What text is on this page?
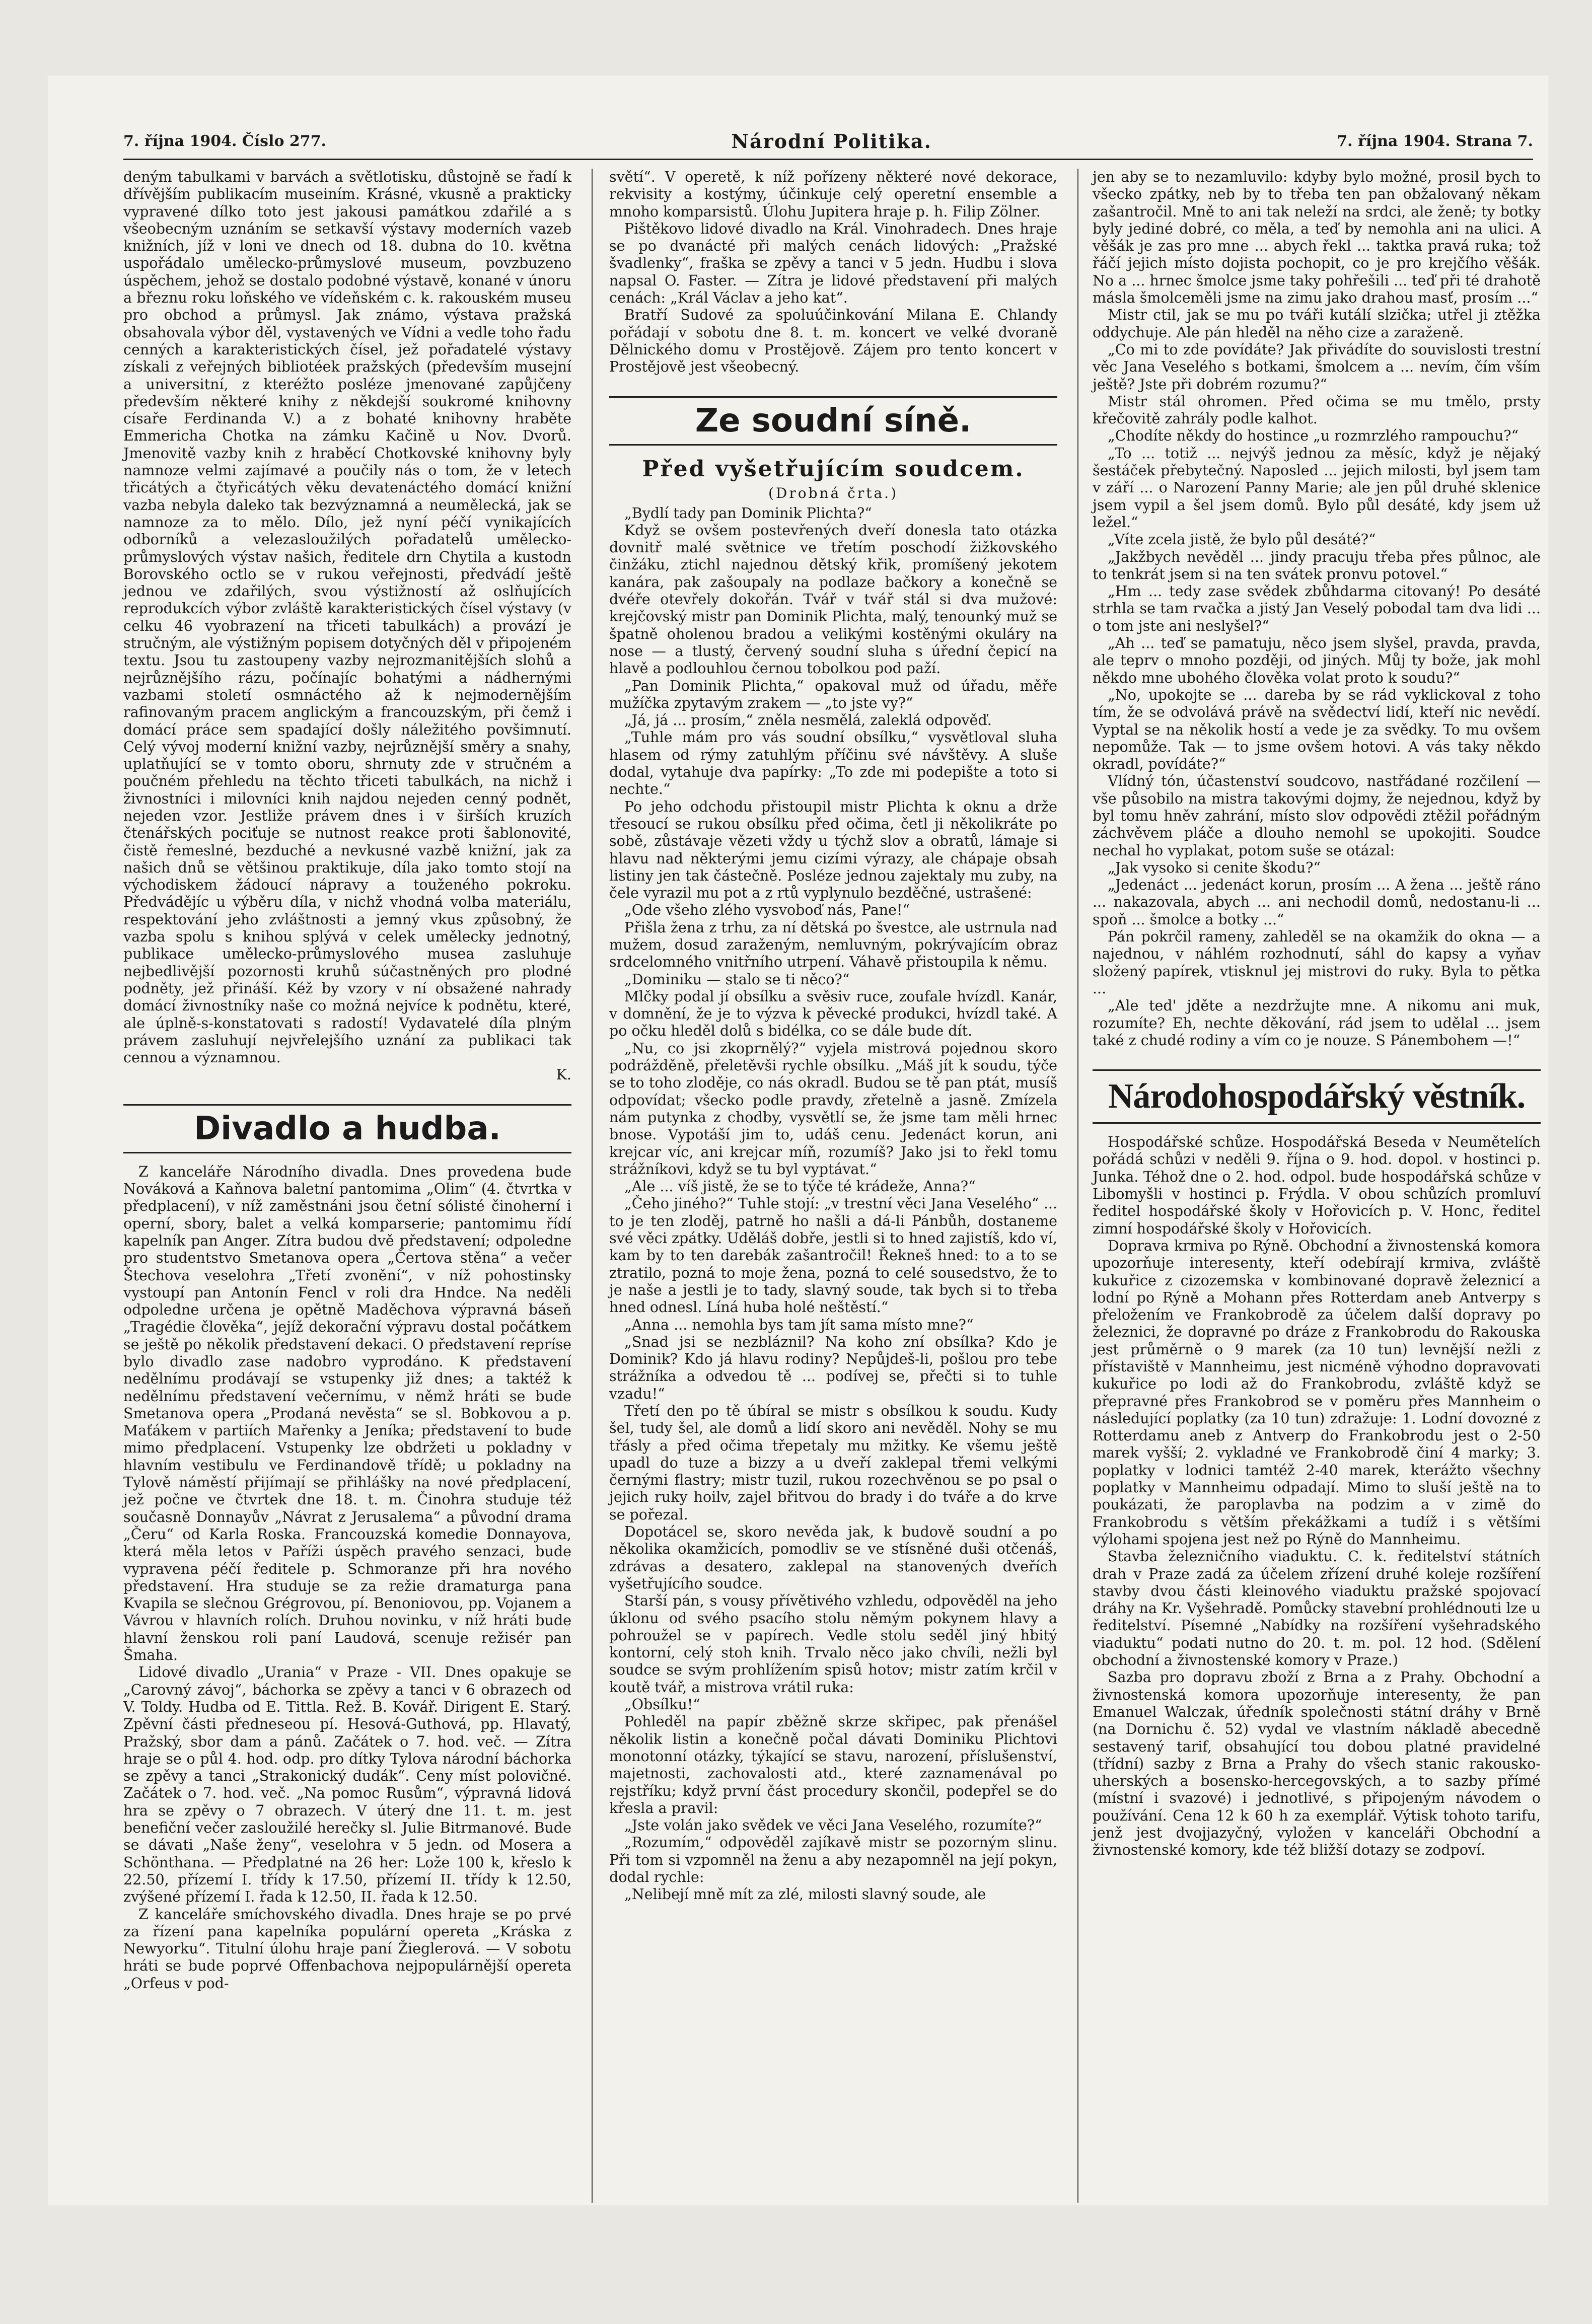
7. října 1904. Číslo 277.	Národní Politika.	7. října 1904. Strana 7.

deným tabulkami v barvách a světlotisku, důstojně se řadí k dřívějším publikacím museiním. Krásné, vkusně a prakticky vypravené dílko toto jest jakousi památkou zdařilé a s všeobecným uznáním se setkavší výstavy moderních vazeb knižních, jíž v loni ve dnech od 18. dubna do 10. května uspořádalo umělecko-průmyslové museum, povzbuzeno úspěchem, jehož se dostalo podobné výstavě, konané v únoru a březnu roku loňského ve vídeňském c. k. rakouském museu pro obchod a průmysl. Jak známo, výstava pražská obsahovala výbor děl, vystavených ve Vídni a vedle toho řadu cenných a karakteristických čísel, jež pořadatelé výstavy získali z veřejných bibliotéek pražských (především musejní a universitní, z kteréžto posléze jmenované zapůjčeny především některé knihy z někdejší soukromé knihovny císaře Ferdinanda V.) a z bohaté knihovny hraběte Emmericha Chotka na zámku Kačině u Nov. Dvorů. Jmenovitě vazby knih z hraběcí Chotkovské knihovny byly namnoze velmi zajímavé a poučily nás o tom, že v letech třicátých a čtyřicátých věku devatenáctého domácí knižní vazba nebyla daleko tak bezvýznamná a neumělecká, jak se namnoze za to mělo. Dílo, jež nyní péčí vynikajících odborníků a velezasloužilých pořadatelů umělecko-průmyslových výstav našich, ředitele drn Chytila a kustodn Borovského octlo se v rukou veřejnosti, předvádí ještě jednou ve zdařilých, svou výstižností až oslňujících reprodukcích výbor zvláště karakteristických čísel výstavy (v celku 46 vyobrazení na třiceti tabulkách) a provází je stručným, ale výstižným popisem dotyčných děl v připojeném textu. Jsou tu zastoupeny vazby nejrozmanitějších slohů a nejrůznějšího rázu, počínajíc bohatými a nádhernými vazbami století osmnáctého až k nejmodernějším rafinovaným pracem anglickým a francouzským, při čemž i domácí práce sem spadající došly náležitého povšimnutí. Celý vývoj moderní knižní vazby, nejrůznější směry a snahy, uplatňující se v tomto oboru, shrnuty zde v stručném a poučném přehledu na těchto třiceti tabulkách, na nichž i živnostníci i milovníci knih najdou nejeden cenný podnět, nejeden vzor. Jestliže právem dnes i v širších kruzích čtenářských pociťuje se nutnost reakce proti šablonovité, čistě řemeslné, bezduché a nevkusné vazbě knižní, jak za našich dnů se většinou praktikuje, díla jako tomto stojí na východiskem žádoucí nápravy a touženého pokroku. Předvádějíc u výběru díla, v nichž vhodná volba materiálu, respektování jeho zvláštnosti a jemný vkus způsobný, že vazba spolu s knihou splývá v celek umělecky jednotný, publikace umělecko-průmyslového musea zasluhuje nejbedlivější pozornosti kruhů súčastněných pro plodné podněty, jež přináší. Kéž by vzory v ní obsažené nahrady domácí živnostníky naše co možná nejvíce k podnětu, které, ale úplně-s-konstatovati s radostí! Vydavatelé díla plným právem zasluhují nejvřelejšího uznání za publikaci tak cennou a významnou.

K.

Divadlo a hudba.

Z kanceláře Národního divadla. Dnes provedena bude Nováková a Kaňnova baletní pantomima „Olim“ (4. čtvrtka v předplacení), v níž zaměstnáni jsou četní sólisté činoherní i operní, sbory, balet a velká komparserie; pantomimu řídí kapelník pan Anger. Zítra budou dvě představení; odpoledne pro studentstvo Smetanova opera „Čertova stěna“ a večer Štechova veselohra „Třetí zvonění“, v níž pohostinsky vystoupí pan Antonín Fencl v roli dra Hndce. Na neděli odpoledne určena je opětně Maděchova výpravná báseň „Tragédie člověka“, jejíž dekorační výpravu dostal počátkem se ještě po několik představení dekaci. O představení repríse bylo divadlo zase nadobro vyprodáno. K představení nedělnímu prodávají se vstupenky již dnes; a taktéž k nedělnímu představení večernímu, v němž hráti se bude Smetanova opera „Prodaná nevěsta“ se sl. Bobkovou a p. Maťákem v partiích Mařenky a Jeníka; představení to bude mimo předplacení. Vstupenky lze obdržeti u pokladny v hlavním vestibulu ve Ferdinandově třídě; u pokladny na Tylově náměstí přijímají se přihlášky na nové předplacení, jež počne ve čtvrtek dne 18. t. m. Činohra studuje též současně Donnayův „Návrat z Jerusalema“ a původní drama „Čeru“ od Karla Roska. Francouzská komedie Donnayova, která měla letos v Paříži úspěch pravého senzaci, bude vypravena péčí ředitele p. Schmoranze při hra nového představení. Hra studuje se za režie dramaturga pana Kvapila se slečnou Grégrovou, pí. Benoniovou, pp. Vojanem a Vávrou v hlavních rolích. Druhou novinku, v níž hráti bude hlavní ženskou roli paní Laudová, scenuje režisér pan Šmaha.

Lidové divadlo „Urania“ v Praze - VII. Dnes opakuje se „Carovný závoj“, báchorka se zpěvy a tanci v 6 obrazech od V. Toldy. Hudba od E. Tittla. Rež. B. Kovář. Dirigent E. Starý. Zpěvní části předneseou pí. Hesová-Guthová, pp. Hlavatý, Pražský, sbor dam a pánů. Začátek o 7. hod. več. — Zítra hraje se o půl 4. hod. odp. pro dítky Tylova národní báchorka se zpěvy a tanci „Strakonický dudák“. Ceny míst polovičné. Začátek o 7. hod. več. „Na pomoc Rusům“, výpravná lidová hra se zpěvy o 7 obrazech. V úterý dne 11. t. m. jest benefiční večer zasloužilé herečky sl. Julie Bitrmanové. Bude se dávati „Naše ženy“, veselohra v 5 jedn. od Mosera a Schönthana. — Předplatné na 26 her: Lože 100 k, křeslo k 22.50, přízemí I. třídy k 17.50, přízemí II. třídy k 12.50, zvýšené přízemí I. řada k 12.50, II. řada k 12.50.

Z kanceláře smíchovského divadla. Dnes hraje se po prvé za řízení pana kapelníka populární opereta „Kráska z Newyorku“. Titulní úlohu hraje paní Žieglerová. — V sobotu hráti se bude poprvé Offenbachova nejpopulárnější opereta „Orfeus v pod-

světí“. V operetě, k níž pořízeny některé nové dekorace, rekvisity a kostýmy, účinkuje celý operetní ensemble a mnoho komparsistů. Úlohu Jupitera hraje p. h. Filip Zölner.

Pištěkovo lidové divadlo na Král. Vinohradech. Dnes hraje se po dvanácté při malých cenách lidových: „Pražské švadlenky“, fraška se zpěvy a tanci v 5 jedn. Hudbu i slova napsal O. Faster. — Zítra je lidové představení při malých cenách: „Král Václav a jeho kat“.

Bratří Sudové za spoluúčinkování Milana E. Chlandy pořádají v sobotu dne 8. t. m. koncert ve velké dvoraně Dělnického domu v Prostějově. Zájem pro tento koncert v Prostějově jest všeobecný.

Ze soudní síně.
Před vyšetřujícím soudcem.
(Drobná črta.)

„Bydlí tady pan Dominik Plichta?“

Když se ovšem postevřených dveří donesla tato otázka dovnitř malé světnice ve třetím poschodí žižkovského činžáku, ztichl najednou dětský křik, promíšený jekotem kanára, pak zašoupaly na podlaze bačkory a konečně se dvéře otevřely dokořán. Tvář v tvář stál si dva mužové: krejčovský mistr pan Dominik Plichta, malý, tenounký muž se špatně oholenou bradou a velikými kostěnými okuláry na nose — a tlustý, červený soudní sluha s úřední čepicí na hlavě a podlouhlou černou tobolkou pod paží.

„Pan Dominik Plichta,“ opakoval muž od úřadu, měře mužíčka zpytavým zrakem — „to jste vy?“

„Já, já ... prosím,“ zněla nesmělá, zaleklá odpověď.

„Tuhle mám pro vás soudní obsílku,“ vysvětloval sluha hlasem od rýmy zatuhlým příčinu své návštěvy. A sluše dodal, vytahuje dva papírky: „To zde mi podepište a toto si nechte.“

Po jeho odchodu přistoupil mistr Plichta k oknu a drže třesoucí se rukou obsílku před očima, četl ji několikráte po sobě, zůstávaje vězeti vždy u týchž slov a obratů, lámaje si hlavu nad některými jemu cizími výrazy, ale chápaje obsah listiny jen tak částečně. Posléze jednou zajektaly mu zuby, na čele vyrazil mu pot a z rtů vyplynulo bezděčné, ustrašené:

„Ode všeho zlého vysvoboď nás, Pane!“

Přišla žena z trhu, za ní dětská po švestce, ale ustrnula nad mužem, dosud zaraženým, nemluvným, pokrývajícím obraz srdcelomného vnitřního utrpení. Váhavě přistoupila k němu.

„Dominiku — stalo se ti něco?“

Mlčky podal jí obsílku a svěsiv ruce, zoufale hvízdl. Kanár, v domnění, že je to výzva k pěvecké produkci, hvízdl také. A po očku hleděl dolů s bidélka, co se dále bude dít.

„Nu, co jsi zkoprnělý?“ vyjela mistrová pojednou skoro podrážděně, přeletěvši rychle obsílku. „Máš jít k soudu, týče se to toho zloděje, co nás okradl. Budou se tě pan ptát, musíš odpovídat; všecko podle pravdy, zřetelně a jasně. Zmízela nám putynka z chodby, vysvětlí se, že jsme tam měli hrnec bnose. Vypotáší jim to, udáš cenu. Jedenáct korun, ani krejcar víc, ani krejcar míň, rozumíš? Jako jsi to řekl tomu strážníkovi, když se tu byl vyptávat.“

„Ale ... víš jistě, že se to týče té krádeže, Anna?“

„Čeho jiného?“ Tuhle stojí: „v trestní věci Jana Veselého“ ... to je ten zloděj, patrně ho našli a dá-li Pánbůh, dostaneme své věci zpátky. Uděláš dobře, jestli si to hned zajistíš, kdo ví, kam by to ten darebák zašantročil! Řekneš hned: to a to se ztratilo, pozná to moje žena, pozná to celé sousedstvo, že to je naše a jestli je to tady, slavný soude, tak bych si to třeba hned odnesl. Líná huba holé neštěstí.“

„Anna ... nemohla bys tam jít sama místo mne?“

„Snad jsi se nezbláznil? Na koho zní obsílka? Kdo je Dominik? Kdo já hlavu rodiny? Nepůjdeš-li, pošlou pro tebe strážníka a odvedou tě ... podívej se, přečti si to tuhle vzadu!“

Třetí den po tě úbíral se mistr s obsílkou k soudu. Kudy šel, tudy šel, ale domů a lidí skoro ani nevěděl. Nohy se mu třásly a před očima třepetaly mu mžitky. Ke všemu ještě upadl do tuze a bizzy a u dveří zaklepal třemi velkými černými flastry; mistr tuzil, rukou rozechvěnou se po psal o jejich ruky hoilv, zajel břitvou do brady i do tváře a do krve se pořezal.

Dopotácel se, skoro nevěda jak, k budově soudní a po několika okamžicích, pomodliv se ve stísněné duši otčenáš, zdrávas a desatero, zaklepal na stanovených dveřích vyšetřujícího soudce.

Starší pán, s vousy přívětivého vzhledu, odpověděl na jeho úklonu od svého psacího stolu němým pokynem hlavy a pohroužel se v papírech. Vedle stolu seděl jiný hbitý kontorní, celý stoh knih. Trvalo něco jako chvíli, nežli byl soudce se svým prohlížením spisů hotov; mistr zatím krčil v koutě tvář, a mistrova vrátil ruka:

„Obsílku!“

Pohleděl na papír zběžně skrze skřipec, pak přenášel několik listin a konečně počal dávati Dominiku Plichtovi monotonní otázky, týkající se stavu, narození, příslušenství, majetnosti, zachovalosti atd., které zaznamenával po rejstříku; když první část procedury skončil, podepřel se do křesla a pravil:

„Jste volán jako svědek ve věci Jana Veselého, rozumíte?“

„Rozumím,“ odpověděl zajíkavě mistr se pozorným slinu. Při tom si vzpomněl na ženu a aby nezapomněl na její pokyn, dodal rychle:

„Nelibejí mně mít za zlé, milosti slavný soude, ale

jen aby se to nezamluvilo: kdyby bylo možné, prosil bych to všecko zpátky, neb by to třeba ten pan obžalovaný někam zašantročil. Mně to ani tak neleží na srdci, ale ženě; ty botky byly jediné dobré, co měla, a teď by nemohla ani na ulici. A věšák je zas pro mne ... abych řekl ... taktka pravá ruka; tož řáčí jejich místo dojista pochopit, co je pro krejčího věšák. No a ... hrnec šmolce jsme taky pohřešili ... teď při té drahotě másla šmolceměli jsme na zimu jako drahou masť, prosím ...“

Mistr ctil, jak se mu po tváři kutálí slzička; utřel ji ztěžka oddychuje. Ale pán hleděl na něho cize a zaraženě.

„Co mi to zde povídáte? Jak přivádíte do souvislosti trestní věc Jana Veselého s botkami, šmolcem a ... nevím, čím vším ještě? Jste při dobrém rozumu?“

Mistr stál ohromen. Před očima se mu tmělo, prsty křečovitě zahrály podle kalhot.

„Chodíte někdy do hostince „u rozmrzlého rampouchu?“

„To ... totiž ... nejvýš jednou za měsíc, když je nějaký šestáček přebytečný. Naposled ... jejich milosti, byl jsem tam v září ... o Narození Panny Marie; ale jen půl druhé sklenice jsem vypil a šel jsem domů. Bylo půl desáté, kdy jsem už ležel.“

„Víte zcela jistě, že bylo půl desáté?“

„Jakžbych nevěděl ... jindy pracuju třeba přes půlnoc, ale to tenkrát jsem si na ten svátek pronvu potovel.“

„Hm ... tedy zase svědek zbůhdarma citovaný! Po desáté strhla se tam rvačka a jistý Jan Veselý pobodal tam dva lidi ... o tom jste ani neslyšel?“

„Ah ... teď se pamatuju, něco jsem slyšel, pravda, pravda, ale teprv o mnoho později, od jiných. Můj ty bože, jak mohl někdo mne ubohého člověka volat proto k soudu?“

„No, upokojte se ... dareba by se rád vyklickoval z toho tím, že se odvolává právě na svědectví lidí, kteří nic nevědí. Vyptal se na několik hostí a vede je za svědky. To mu ovšem nepomůže. Tak — to jsme ovšem hotovi. A vás taky někdo okradl, povídáte?“

Vlídný tón, účastenství soudcovo, nastřádané rozčilení — vše působilo na mistra takovými dojmy, že nejednou, když by byl tomu hněv zahrání, místo slov odpovědi ztěžil pořádným záchvěvem pláče a dlouho nemohl se upokojiti. Soudce nechal ho vyplakat, potom suše se otázal:

„Jak vysoko si cenite škodu?“

„Jedenáct ... jedenáct korun, prosím ... A žena ... ještě ráno ... nakazovala, abych ... ani nechodil domů, nedostanu-li ... spoň ... šmolce a botky ...“

Pán pokrčil rameny, zahleděl se na okamžik do okna — a najednou, v náhlém rozhodnutí, sáhl do kapsy a vyňav složený papírek, vtisknul jej mistrovi do ruky. Byla to pětka ...

„Ale ted' jděte a nezdržujte mne. A nikomu ani muk, rozumíte? Eh, nechte děkování, rád jsem to udělal ... jsem také z chudé rodiny a vím co je nouze. S Pánembohem —!“

Národohospodářský věstník.

Hospodářské schůze. Hospodářská Beseda v Neumětelích pořádá schůzi v neděli 9. října o 9. hod. dopol. v hostinci p. Junka. Téhož dne o 2. hod. odpol. bude hospodářská schůze v Libomyšli v hostinci p. Frýdla. V obou schůzích promluví ředitel hospodářské školy v Hořovicích p. V. Honc, ředitel zimní hospodářské školy v Hořovicích.

Doprava krmiva po Rýně. Obchodní a živnostenská komora upozorňuje interesenty, kteří odebírají krmiva, zvláště kukuřice z cizozemska v kombinované dopravě železnicí a lodní po Rýně a Mohann přes Rotterdam aneb Antverpy s přeložením ve Frankobrodě za účelem další dopravy po železnici, že dopravné po dráze z Frankobrodu do Rakouska jest průměrně o 9 marek (za 10 tun) levnější nežli z přístaviště v Mannheimu, jest nicméně výhodno dopravovati kukuřice po lodi až do Frankobrodu, zvláště když se přepravné přes Frankobrod se v poměru přes Mannheim o následující poplatky (za 10 tun) zdražuje: 1. Lodní dovozné z Rotterdamu aneb z Antverp do Frankobrodu jest o 2-50 marek vyšší; 2. vykladné ve Frankobrodě činí 4 marky; 3. poplatky v lodnici tamtéž 2-40 marek, kterážto všechny poplatky v Mannheimu odpadají. Mimo to sluší ještě na to poukázati, že paroplavba na podzim a v zimě do Frankobrodu s větším překážkami a tudíž i s většími výlohami spojena jest než po Rýně do Mannheimu.

Stavba železničního viaduktu. C. k. ředitelství státních drah v Praze zadá za účelem zřízení druhé koleje rozšíření stavby dvou části kleinového viaduktu pražské spojovací dráhy na Kr. Vyšehradě. Pomůcky stavební prohlédnouti lze u ředitelství. Písemné „Nabídky na rozšíření vyšehradského viaduktu“ podati nutno do 20. t. m. pol. 12 hod. (Sdělení obchodní a živnostenské komory v Praze.)

Sazba pro dopravu zboží z Brna a z Prahy. Obchodní a živnostenská komora upozorňuje interesenty, že pan Emanuel Walczak, úředník společnosti státní dráhy v Brně (na Dornichu č. 52) vydal ve vlastním nákladě abecedně sestavený tarif, obsahující tou dobou platné pravidelné (třídní) sazby z Brna a Prahy do všech stanic rakousko-uherských a bosensko-hercegovských, a to sazby přímé (místní i svazové) i jednotlivé, s připojeným návodem o používání. Cena 12 k 60 h za exemplář. Výtisk tohoto tarifu, jenž jest dvojjazyčný, vyložen v kanceláři Obchodní a živnostenské komory, kde též bližší dotazy se zodpoví.
